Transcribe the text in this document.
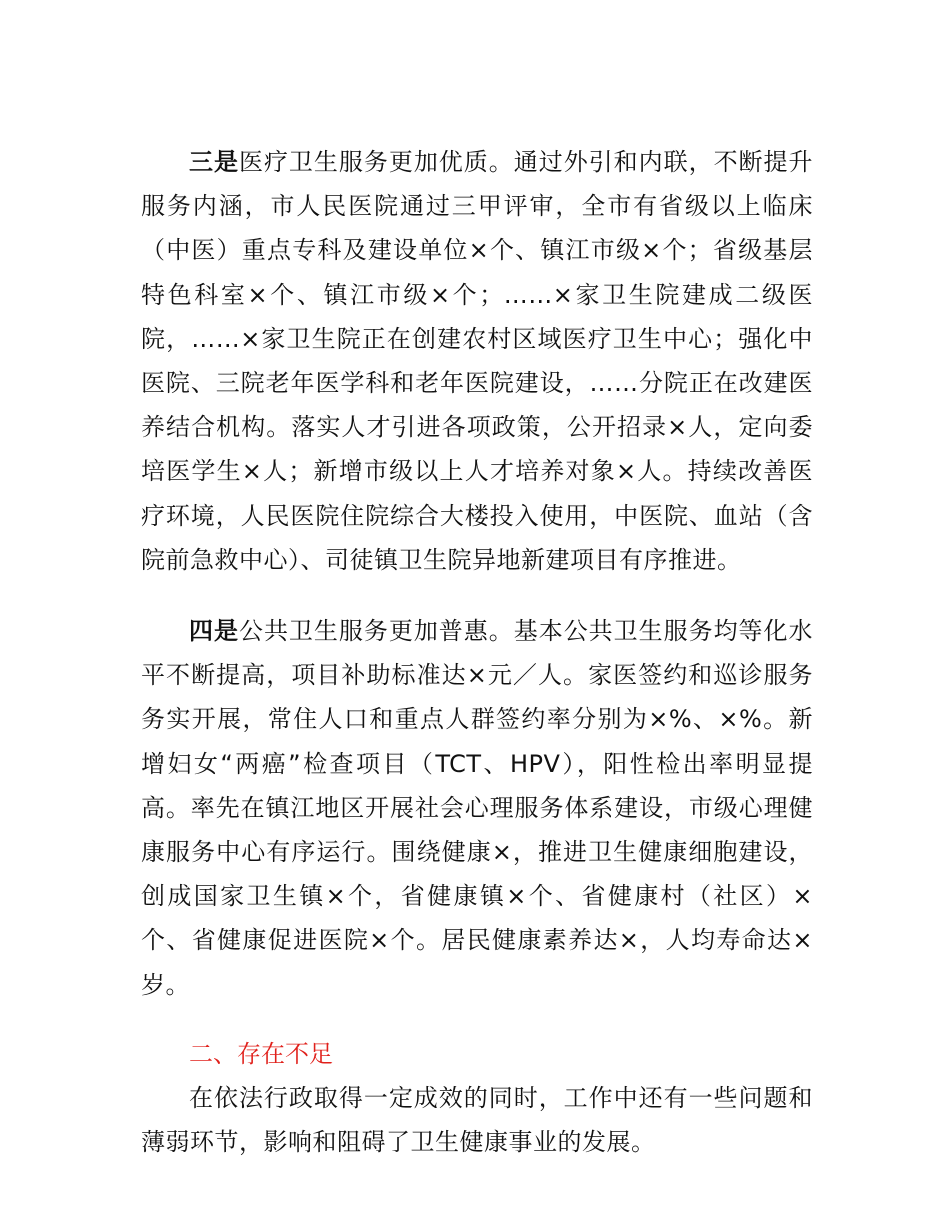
三是医疗卫生服务更加优质。通过外引和内联，不断提升服务内涵，市人民医院通过三甲评审，全市有省级以上临床（中医）重点专科及建设单位×个、镇江市级×个；省级基层特色科室×个、镇江市级×个；……×家卫生院建成二级医院，……×家卫生院正在创建农村区域医疗卫生中心；强化中医院、三院老年医学科和老年医院建设，……分院正在改建医养结合机构。落实人才引进各项政策，公开招录×人，定向委培医学生×人；新增市级以上人才培养对象×人。持续改善医疗环境，人民医院住院综合大楼投入使用，中医院、血站（含院前急救中心）、司徒镇卫生院异地新建项目有序推进。

四是公共卫生服务更加普惠。基本公共卫生服务均等化水平不断提高，项目补助标准达×元／人。家医签约和巡诊服务务实开展，常住人口和重点人群签约率分别为×%、×%。新增妇女“两癌”检查项目（TCT、HPV），阳性检出率明显提高。率先在镇江地区开展社会心理服务体系建设，市级心理健康服务中心有序运行。围绕健康×，推进卫生健康细胞建设，创成国家卫生镇×个，省健康镇×个、省健康村（社区）×个、省健康促进医院×个。居民健康素养达×，人均寿命达×岁。

二、存在不足

在依法行政取得一定成效的同时，工作中还有一些问题和薄弱环节，影响和阻碍了卫生健康事业的发展。
